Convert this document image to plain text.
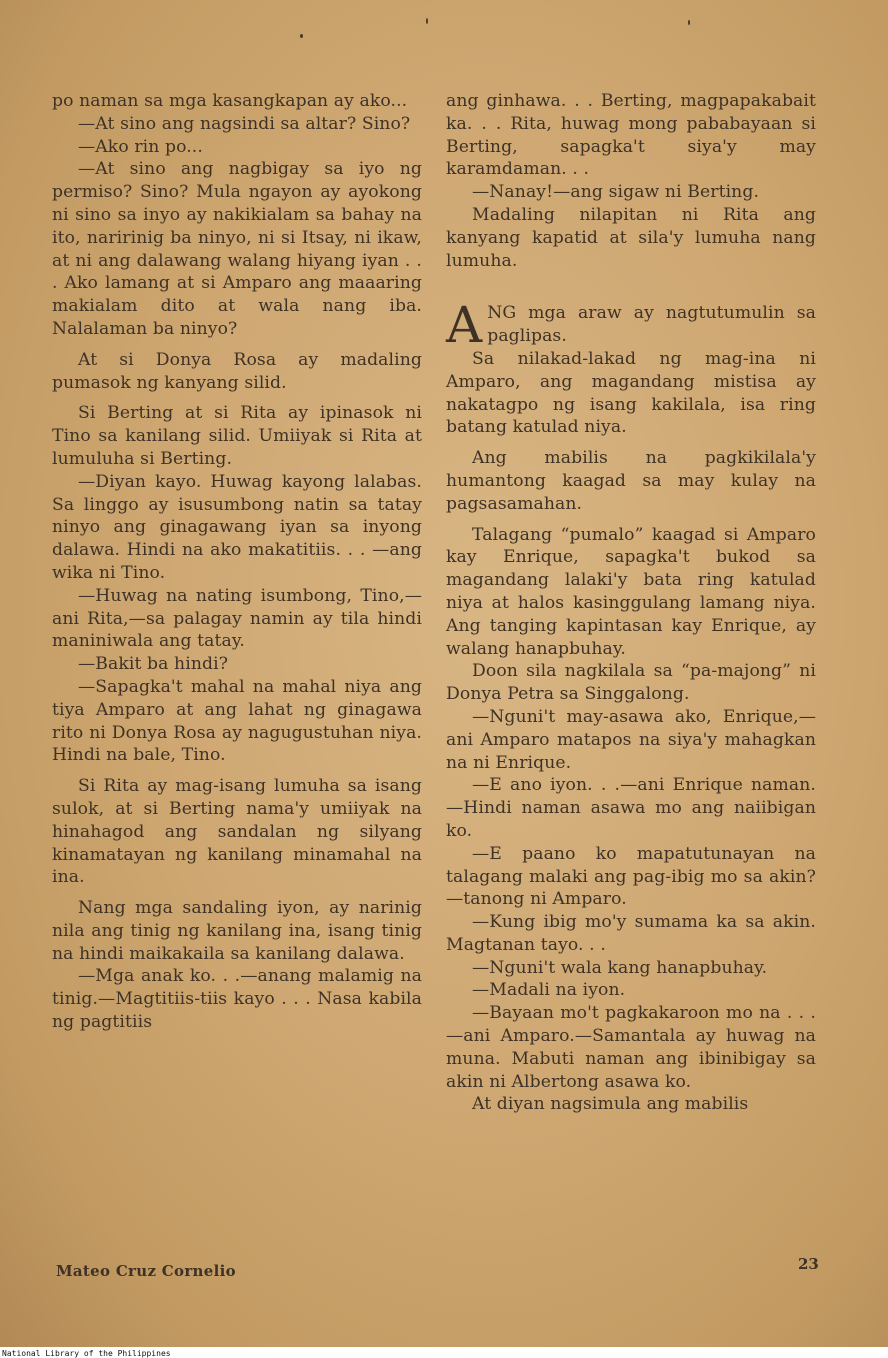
po naman sa mga kasangkapan ay ako...

—At sino ang nagsindi sa altar? Sino?

—Ako rin po...

—At sino ang nagbigay sa iyo ng permiso? Sino? Mula ngayon ay ayokong ni sino sa inyo ay nakikialam sa bahay na ito, naririnig ba ninyo, ni si Itsay, ni ikaw, at ni ang dalawang walang hiyang iyan . . . Ako lamang at si Amparo ang maaaring makialam dito at wala nang iba. Nalalaman ba ninyo?

At si Donya Rosa ay madaling pumasok ng kanyang silid.

Si Berting at si Rita ay ipinasok ni Tino sa kanilang silid. Umiiyak si Rita at lumuluha si Berting.

—Diyan kayo. Huwag kayong lalabas. Sa linggo ay isusumbong natin sa tatay ninyo ang ginagawang iyan sa inyong dalawa. Hindi na ako makatitiis. . . —ang wika ni Tino.

—Huwag na nating isumbong, Tino,—ani Rita,—sa palagay namin ay tila hindi maniniwala ang tatay.

—Bakit ba hindi?

—Sapagka't mahal na mahal niya ang tiya Amparo at ang lahat ng ginagawa rito ni Donya Rosa ay nagugustuhan niya. Hindi na bale, Tino.

Si Rita ay mag-isang lumuha sa isang sulok, at si Berting nama'y umiiyak na hinahagod ang sandalan ng silyang kinamatayan ng kanilang minamahal na ina.

Nang mga sandaling iyon, ay narinig nila ang tinig ng kanilang ina, isang tinig na hindi maikakaila sa kanilang dalawa.

—Mga anak ko. . .—anang malamig na tinig.—Magtitiis-tiis kayo . . . Nasa kabila ng pagtitiis

ang ginhawa. . . Berting, magpapakabait ka. . . Rita, huwag mong pababayaan si Berting, sapagka't siya'y may karamdaman. . .

—Nanay!—ang sigaw ni Berting.

Madaling nilapitan ni Rita ang kanyang kapatid at sila'y lumuha nang lumuha.

ANG mga araw ay nagtutumulin sa paglipas.

Sa nilakad-lakad ng mag-ina ni Amparo, ang magandang mistisa ay nakatagpo ng isang kakilala, isa ring batang katulad niya.

Ang mabilis na pagkikilala'y humantong kaagad sa may kulay na pagsasamahan.

Talagang “pumalo” kaagad si Amparo kay Enrique, sapagka't bukod sa magandang lalaki'y bata ring katulad niya at halos kasinggulang lamang niya. Ang tanging kapintasan kay Enrique, ay walang hanapbuhay.

Doon sila nagkilala sa “pa-majong” ni Donya Petra sa Singgalong.

—Nguni't may-asawa ako, Enrique,—ani Amparo matapos na siya'y mahagkan na ni Enrique.

—E ano iyon. . .—ani Enrique naman.—Hindi naman asawa mo ang naiibigan ko.

—E paano ko mapatutunayan na talagang malaki ang pag-ibig mo sa akin?—tanong ni Amparo.

—Kung ibig mo'y sumama ka sa akin. Magtanan tayo. . .

—Nguni't wala kang hanapbuhay.

—Madali na iyon.

—Bayaan mo't pagkakaroon mo na . . .—ani Amparo.—Samantala ay huwag na muna. Mabuti naman ang ibinibigay sa akin ni Albertong asawa ko.

At diyan nagsimula ang mabilis

Mateo Cruz Cornelio	23
National Library of the Philippines
